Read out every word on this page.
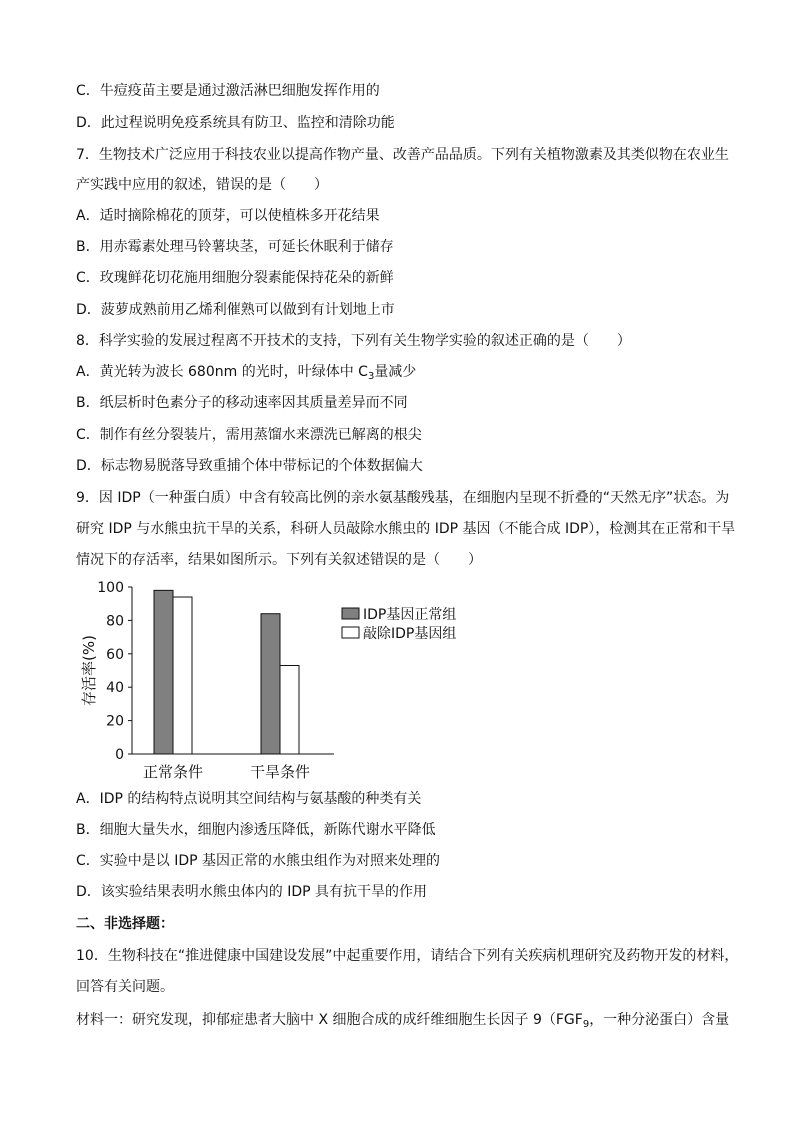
C．牛痘疫苗主要是通过激活淋巴细胞发挥作用的
D．此过程说明免疫系统具有防卫、监控和清除功能
7．生物技术广泛应用于科技农业以提高作物产量、改善产品品质。下列有关植物激素及其类似物在农业生
产实践中应用的叙述，错误的是（　　）
A．适时摘除棉花的顶芽，可以使植株多开花结果
B．用赤霉素处理马铃薯块茎，可延长休眠利于储存
C．玫瑰鲜花切花施用细胞分裂素能保持花朵的新鲜
D．菠萝成熟前用乙烯利催熟可以做到有计划地上市
8．科学实验的发展过程离不开技术的支持，下列有关生物学实验的叙述正确的是（　　）
A．黄光转为波长 680nm 的光时，叶绿体中 $C_3$量减少
B．纸层析时色素分子的移动速率因其质量差异而不同
C．制作有丝分裂装片，需用蒸馏水来漂洗已解离的根尖
D．标志物易脱落导致重捕个体中带标记的个体数据偏大
9．因 IDP（一种蛋白质）中含有较高比例的亲水氨基酸残基，在细胞内呈现不折叠的“天然无序”状态。为
研究 IDP 与水熊虫抗干旱的关系，科研人员敲除水熊虫的 IDP 基因（不能合成 IDP），检测其在正常和干旱
情况下的存活率，结果如图所示。下列有关叙述错误的是（　　）
0
20
40
60
80
100
存活率(%)
正常条件	干旱条件
IDP基因正常组
敲除IDP基因组
A．IDP 的结构特点说明其空间结构与氨基酸的种类有关
B．细胞大量失水，细胞内渗透压降低，新陈代谢水平降低
C．实验中是以 IDP 基因正常的水熊虫组作为对照来处理的
D．该实验结果表明水熊虫体内的 IDP 具有抗干旱的作用
二、非选择题：
10．生物科技在“推进健康中国建设发展”中起重要作用，请结合下列有关疾病机理研究及药物开发的材料，
回答有关问题。
材料一：研究发现，抑郁症患者大脑中 X 细胞合成的成纤维细胞生长因子 $9(FGF_9$，一种分泌蛋白）含量
